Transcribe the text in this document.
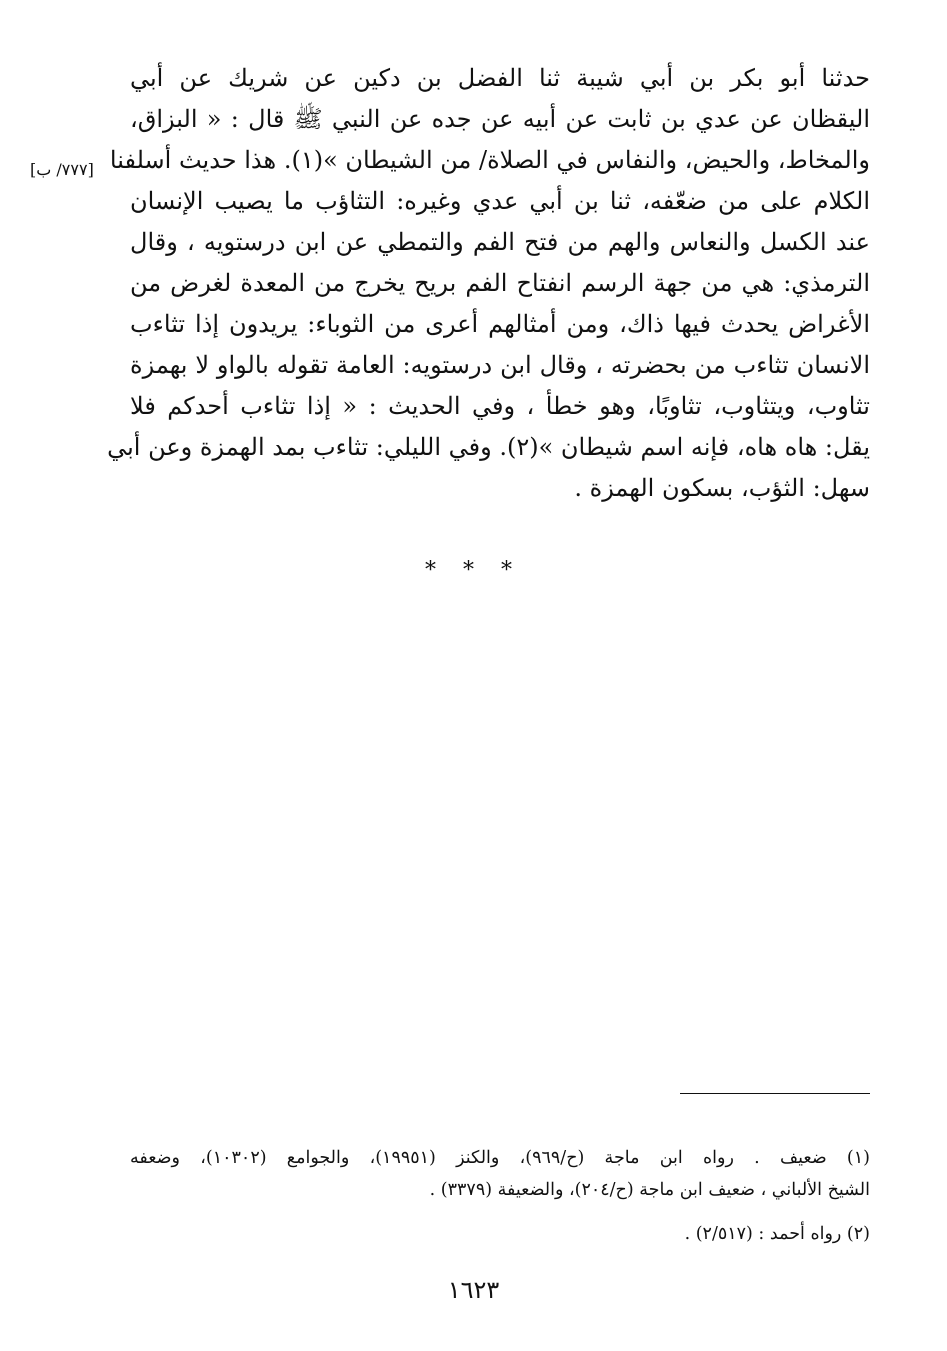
حدثنا أبو بكر بن أبي شيبة ثنا الفضل بن دكين عن شريك عن أبي
اليقظان عن عدي بن ثابت عن أبيه عن جده عن النبي ﷺ قال : « البزاق،
والمخاط، والحيض، والنفاس في الصلاة/ من الشيطان »(١). هذا حديث أسلفنا
الكلام على من ضعّفه، ثنا بن أبي عدي وغيره: التثاؤب ما يصيب الإنسان
عند الكسل والنعاس والهم من فتح الفم والتمطي عن ابن درستويه ، وقال
الترمذي: هي من جهة الرسم انفتاح الفم بريح يخرج من المعدة لغرض من
الأغراض يحدث فيها ذاك، ومن أمثالهم أعرى من الثوباء: يريدون إذا تثاءب
الانسان تثاءب من بحضرته ، وقال ابن درستويه: العامة تقوله بالواو لا بهمزة
تثاوب، ويتثاوب، تثاوبًا، وهو خطأ ، وفي الحديث : « إذا تثاءب أحدكم فلا
يقل: هاه هاه، فإنه اسم شيطان »(٢). وفي الليلي: تثاءب بمد الهمزة وعن أبي
سهل: الثؤب، بسكون الهمزة .
[٧٧٧/ ب]
* * *
(١) ضعيف . رواه ابن ماجة (ح/٩٦٩)، والكنز (١٩٩٥١)، والجوامع (١٠٣٠٢)، وضعفه
الشيخ الألباني ، ضعيف ابن ماجة (ح/٢٠٤)، والضعيفة (٣٣٧٩) .
(٢) رواه أحمد : (٢/٥١٧) .
١٦٢٣
